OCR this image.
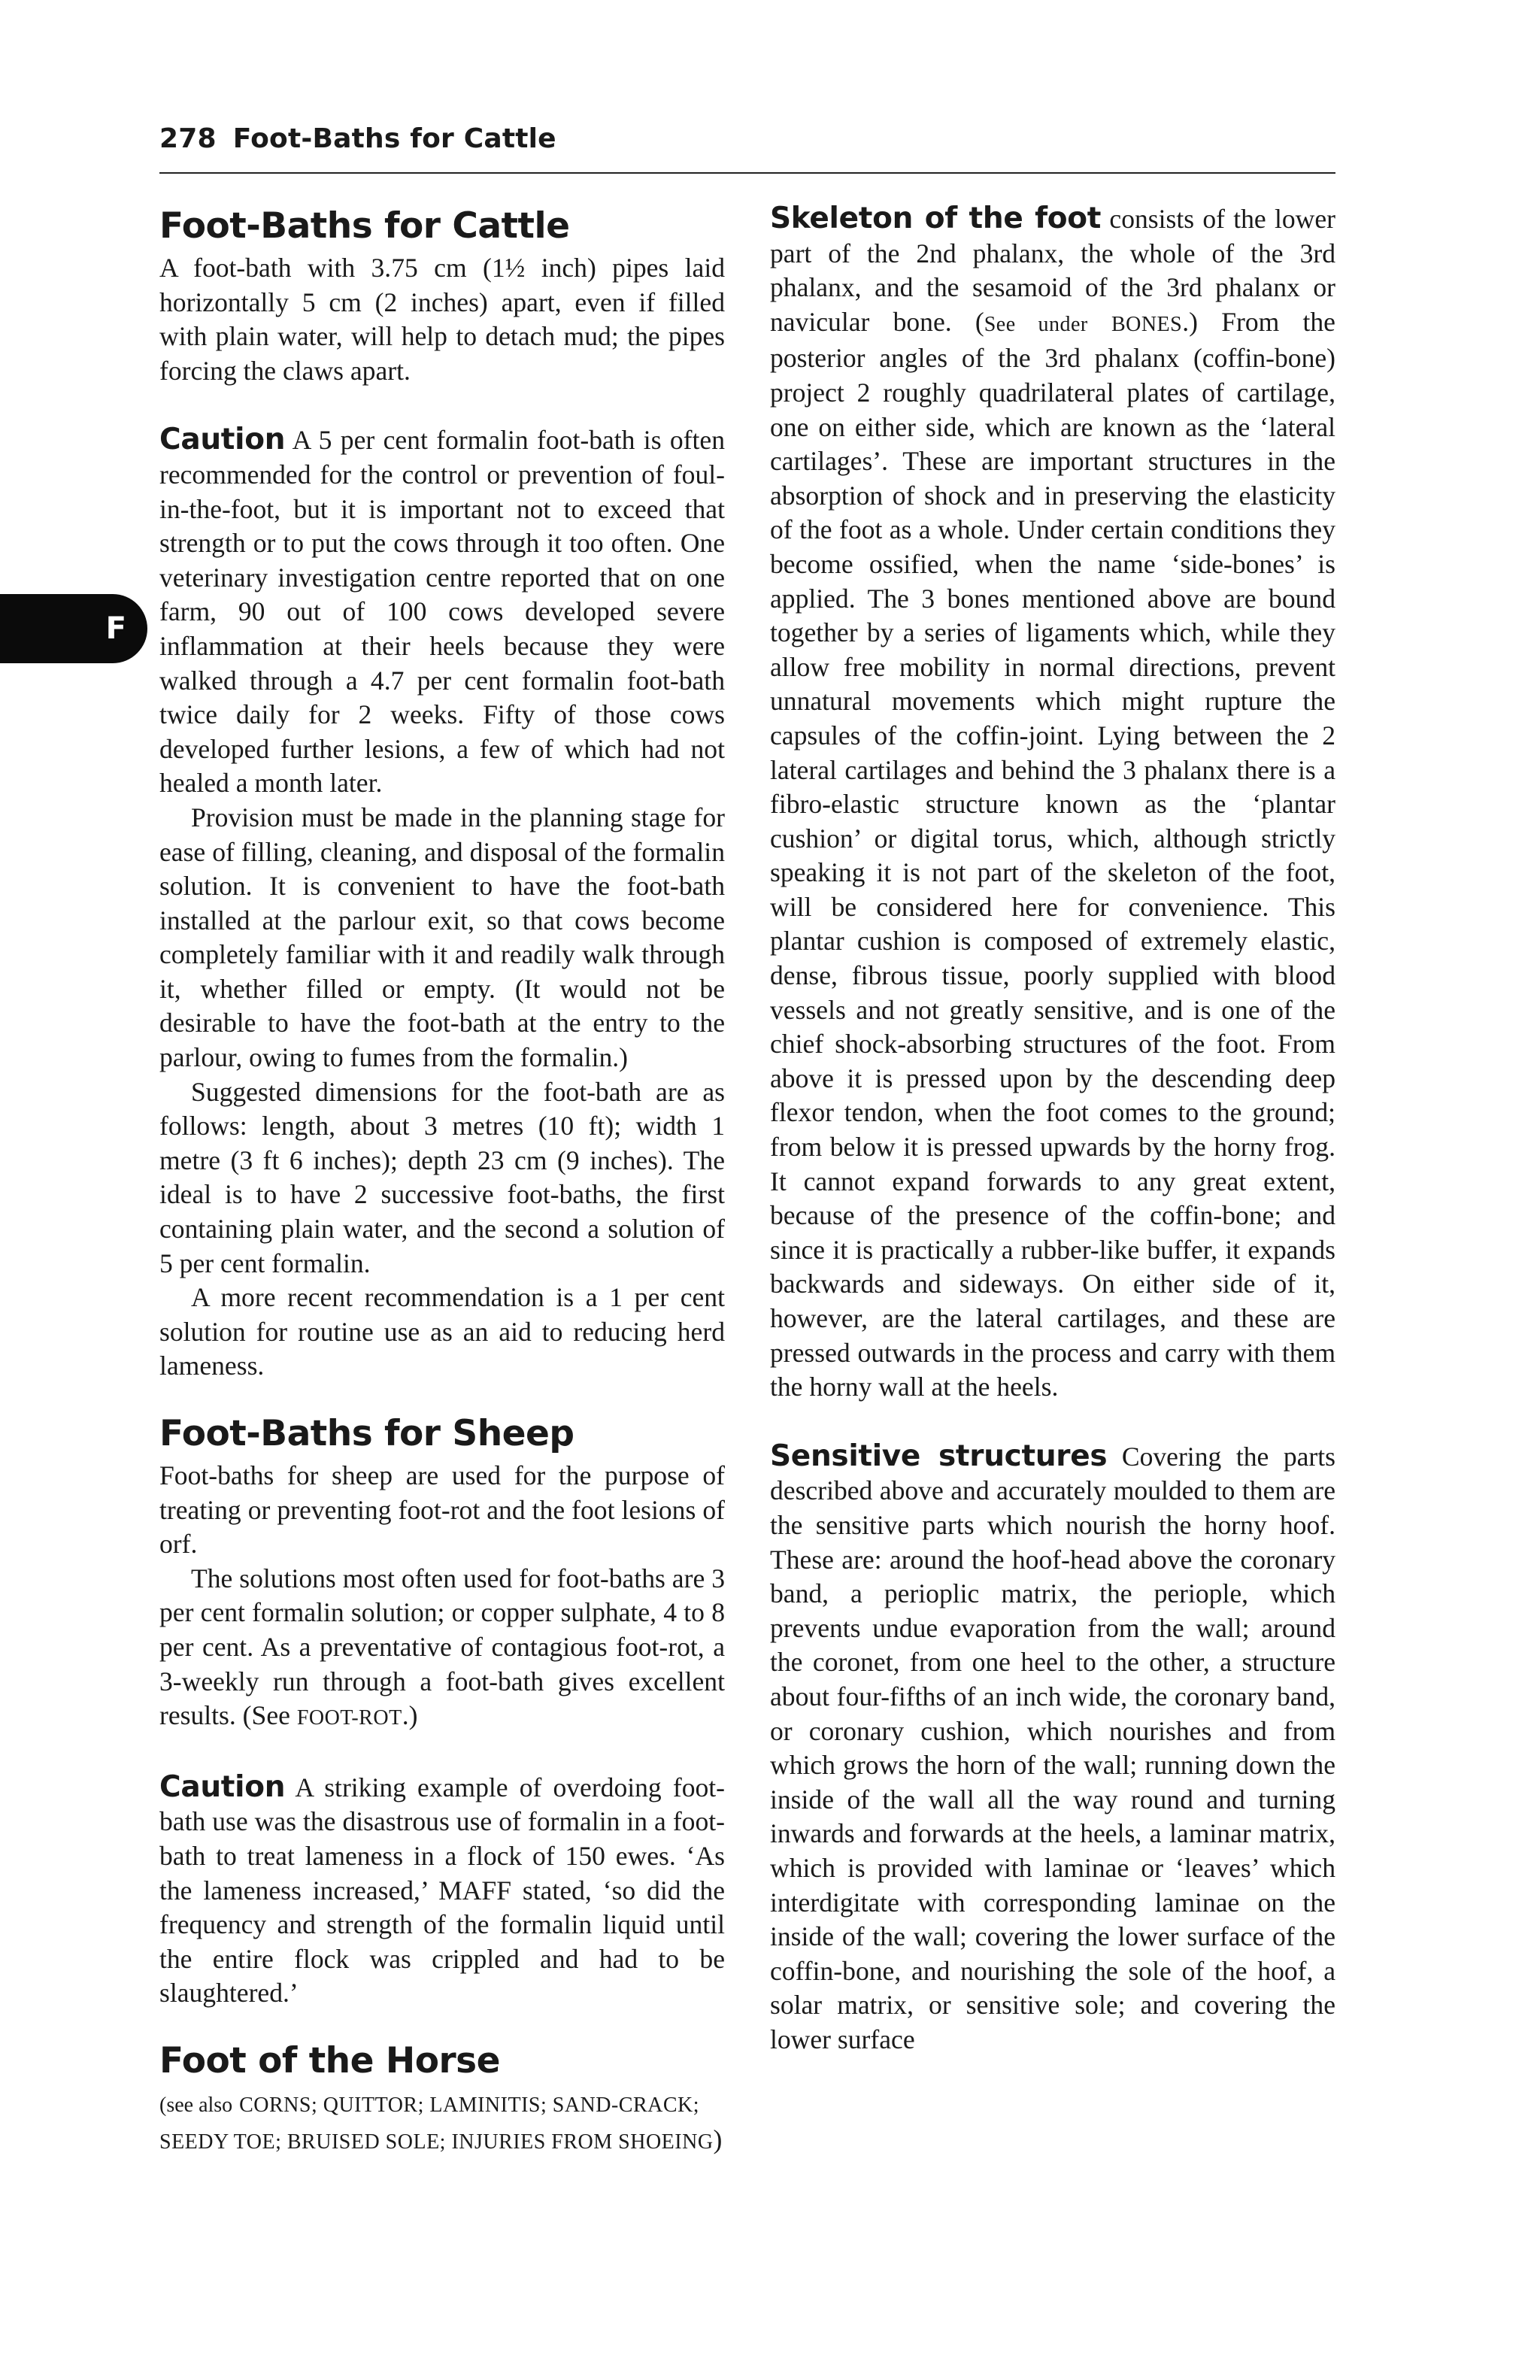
278 Foot-Baths for Cattle
F
Foot-Baths for Cattle

A foot-bath with 3.75 cm (1½ inch) pipes laid horizontally 5 cm (2 inches) apart, even if filled with plain water, will help to detach mud; the pipes forcing the claws apart.

Caution A 5 per cent formalin foot-bath is often recommended for the control or prevention of foul-in-the-foot, but it is important not to exceed that strength or to put the cows through it too often. One veterinary investigation centre reported that on one farm, 90 out of 100 cows developed severe inflammation at their heels because they were walked through a 4.7 per cent formalin foot-bath twice daily for 2 weeks. Fifty of those cows developed further lesions, a few of which had not healed a month later.

Provision must be made in the planning stage for ease of filling, cleaning, and disposal of the formalin solution. It is convenient to have the foot-bath installed at the parlour exit, so that cows become completely familiar with it and readily walk through it, whether filled or empty. (It would not be desirable to have the foot-bath at the entry to the parlour, owing to fumes from the formalin.)

Suggested dimensions for the foot-bath are as follows: length, about 3 metres (10 ft); width 1 metre (3 ft 6 inches); depth 23 cm (9 inches). The ideal is to have 2 successive foot-baths, the first containing plain water, and the second a solution of 5 per cent formalin.

A more recent recommendation is a 1 per cent solution for routine use as an aid to reducing herd lameness.

Foot-Baths for Sheep

Foot-baths for sheep are used for the purpose of treating or preventing foot-rot and the foot lesions of orf.

The solutions most often used for foot-baths are 3 per cent formalin solution; or copper sulphate, 4 to 8 per cent. As a preventative of contagious foot-rot, a 3-weekly run through a foot-bath gives excellent results. (See FOOT-ROT.)

Caution A striking example of overdoing foot-bath use was the disastrous use of formalin in a foot-bath to treat lameness in a flock of 150 ewes. ‘As the lameness increased,’ MAFF stated, ‘so did the frequency and strength of the formalin liquid until the entire flock was crippled and had to be slaughtered.’

Foot of the Horse

(see also CORNS; QUITTOR; LAMINITIS; SAND-CRACK; SEEDY TOE; BRUISED SOLE; INJURIES FROM SHOEING)

Skeleton of the foot consists of the lower part of the 2nd phalanx, the whole of the 3rd phalanx, and the sesamoid of the 3rd phalanx or navicular bone. (See under BONES.) From the posterior angles of the 3rd phalanx (coffin-bone) project 2 roughly quadrilateral plates of cartilage, one on either side, which are known as the ‘lateral cartilages’. These are important structures in the absorption of shock and in preserving the elasticity of the foot as a whole. Under certain conditions they become ossified, when the name ‘side-bones’ is applied. The 3 bones mentioned above are bound together by a series of ligaments which, while they allow free mobility in normal directions, prevent unnatural movements which might rupture the capsules of the coffin-joint. Lying between the 2 lateral cartilages and behind the 3 phalanx there is a fibro-elastic structure known as the ‘plantar cushion’ or digital torus, which, although strictly speaking it is not part of the skeleton of the foot, will be considered here for convenience. This plantar cushion is composed of extremely elastic, dense, fibrous tissue, poorly supplied with blood vessels and not greatly sensitive, and is one of the chief shock-absorbing structures of the foot. From above it is pressed upon by the descending deep flexor tendon, when the foot comes to the ground; from below it is pressed upwards by the horny frog. It cannot expand forwards to any great extent, because of the presence of the coffin-bone; and since it is practically a rubber-like buffer, it expands backwards and sideways. On either side of it, however, are the lateral cartilages, and these are pressed outwards in the process and carry with them the horny wall at the heels.

Sensitive structures Covering the parts described above and accurately moulded to them are the sensitive parts which nourish the horny hoof. These are: around the hoof-head above the coronary band, a perioplic matrix, the periople, which prevents undue evaporation from the wall; around the coronet, from one heel to the other, a structure about four-fifths of an inch wide, the coronary band, or coronary cushion, which nourishes and from which grows the horn of the wall; running down the inside of the wall all the way round and turning inwards and forwards at the heels, a laminar matrix, which is provided with laminae or ‘leaves’ which interdigitate with corresponding laminae on the inside of the wall; covering the lower surface of the coffin-bone, and nourishing the sole of the hoof, a solar matrix, or sensitive sole; and covering the lower surface
